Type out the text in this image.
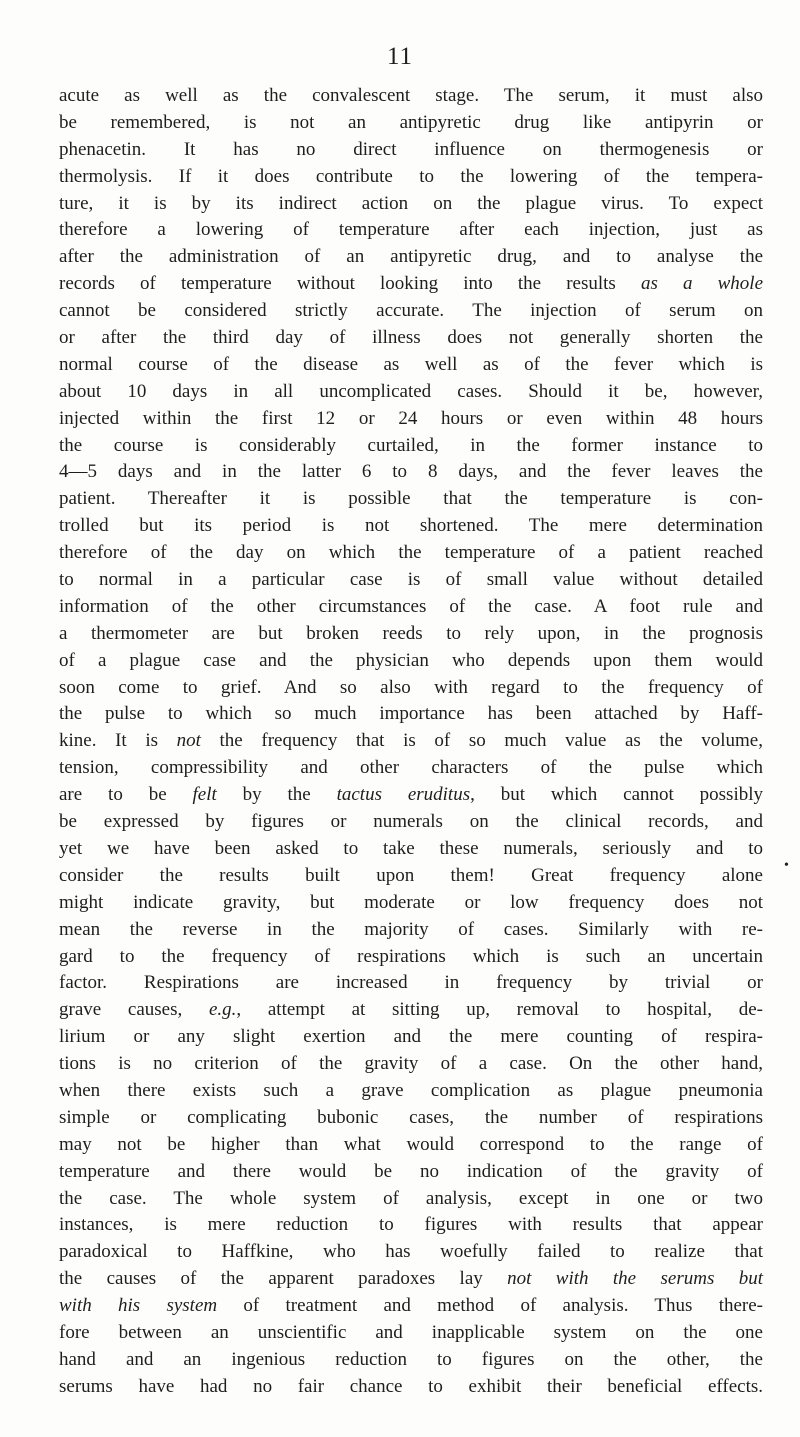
11
acute as well as the convalescent stage. The serum, it must also
be remembered, is not an antipyretic drug like antipyrin or
phenacetin. It has no direct influence on thermogenesis or
thermolysis. If it does contribute to the lowering of the tempera-
ture, it is by its indirect action on the plague virus. To expect
therefore a lowering of temperature after each injection, just as
after the administration of an antipyretic drug, and to analyse the
records of temperature without looking into the results as a whole
cannot be considered strictly accurate. The injection of serum on
or after the third day of illness does not generally shorten the
normal course of the disease as well as of the fever which is
about 10 days in all uncomplicated cases. Should it be, however,
injected within the first 12 or 24 hours or even within 48 hours
the course is considerably curtailed, in the former instance to
4—5 days and in the latter 6 to 8 days, and the fever leaves the
patient. Thereafter it is possible that the temperature is con-
trolled but its period is not shortened. The mere determination
therefore of the day on which the temperature of a patient reached
to normal in a particular case is of small value without detailed
information of the other circumstances of the case. A foot rule and
a thermometer are but broken reeds to rely upon, in the prognosis
of a plague case and the physician who depends upon them would
soon come to grief. And so also with regard to the frequency of
the pulse to which so much importance has been attached by Haff-
kine. It is not the frequency that is of so much value as the volume,
tension, compressibility and other characters of the pulse which
are to be felt by the tactus eruditus, but which cannot possibly
be expressed by figures or numerals on the clinical records, and
yet we have been asked to take these numerals, seriously and to
consider the results built upon them! Great frequency alone
might indicate gravity, but moderate or low frequency does not
mean the reverse in the majority of cases. Similarly with re-
gard to the frequency of respirations which is such an uncertain
factor. Respirations are increased in frequency by trivial or
grave causes, e.g., attempt at sitting up, removal to hospital, de-
lirium or any slight exertion and the mere counting of respira-
tions is no criterion of the gravity of a case. On the other hand,
when there exists such a grave complication as plague pneumonia
simple or complicating bubonic cases, the number of respirations
may not be higher than what would correspond to the range of
temperature and there would be no indication of the gravity of
the case. The whole system of analysis, except in one or two
instances, is mere reduction to figures with results that appear
paradoxical to Haffkine, who has woefully failed to realize that
the causes of the apparent paradoxes lay not with the serums but
with his system of treatment and method of analysis. Thus there-
fore between an unscientific and inapplicable system on the one
hand and an ingenious reduction to figures on the other, the
serums have had no fair chance to exhibit their beneficial effects.
•
